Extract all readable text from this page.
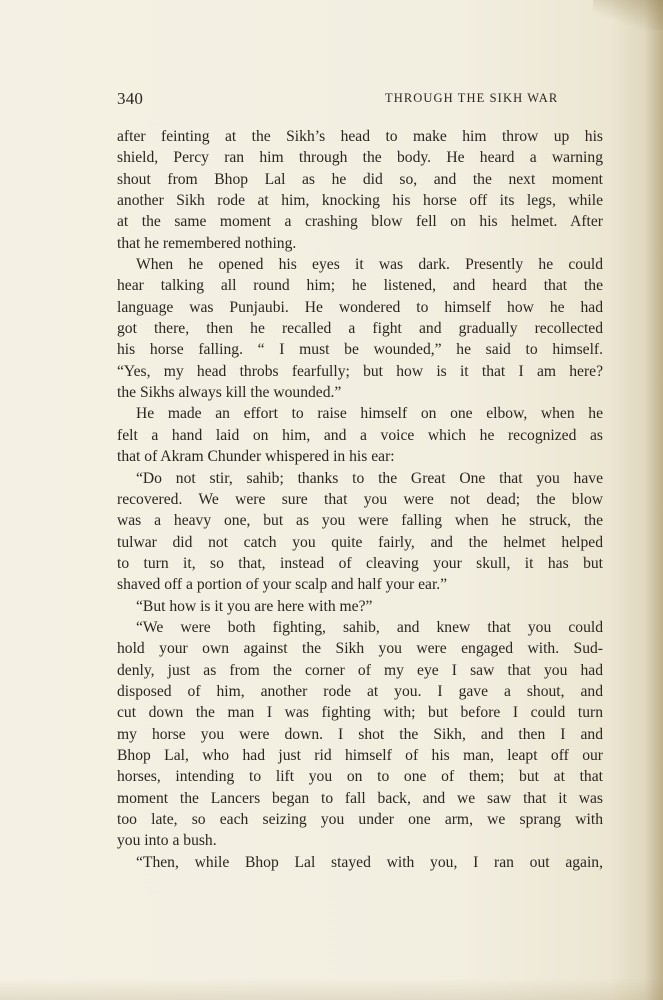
340	THROUGH THE SIKH WAR
after feinting at the Sikh’s head to make him throw up his
shield, Percy ran him through the body. He heard a warning
shout from Bhop Lal as he did so, and the next moment
another Sikh rode at him, knocking his horse off its legs, while
at the same moment a crashing blow fell on his helmet. After
that he remembered nothing.
When he opened his eyes it was dark. Presently he could
hear talking all round him; he listened, and heard that the
language was Punjaubi. He wondered to himself how he had
got there, then he recalled a fight and gradually recollected
his horse falling. “ I must be wounded,” he said to himself.
“Yes, my head throbs fearfully; but how is it that I am here?
the Sikhs always kill the wounded.”
He made an effort to raise himself on one elbow, when he
felt a hand laid on him, and a voice which he recognized as
that of Akram Chunder whispered in his ear:
“Do not stir, sahib; thanks to the Great One that you have
recovered. We were sure that you were not dead; the blow
was a heavy one, but as you were falling when he struck, the
tulwar did not catch you quite fairly, and the helmet helped
to turn it, so that, instead of cleaving your skull, it has but
shaved off a portion of your scalp and half your ear.”
“But how is it you are here with me?”
“We were both fighting, sahib, and knew that you could
hold your own against the Sikh you were engaged with. Sud-
denly, just as from the corner of my eye I saw that you had
disposed of him, another rode at you. I gave a shout, and
cut down the man I was fighting with; but before I could turn
my horse you were down. I shot the Sikh, and then I and
Bhop Lal, who had just rid himself of his man, leapt off our
horses, intending to lift you on to one of them; but at that
moment the Lancers began to fall back, and we saw that it was
too late, so each seizing you under one arm, we sprang with
you into a bush.
“Then, while Bhop Lal stayed with you, I ran out again,
